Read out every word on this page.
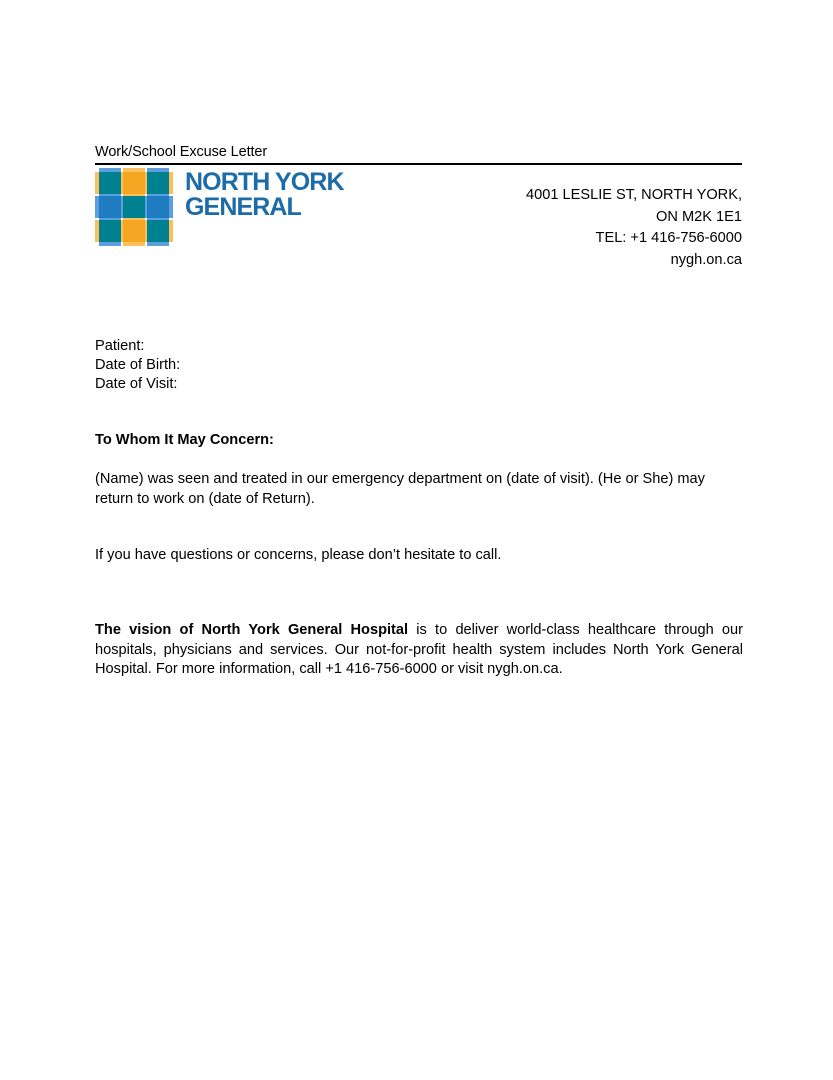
Work/School Excuse Letter
NORTH YORK
GENERAL	4001 LESLIE ST, NORTH YORK,
ON M2K 1E1
TEL: +1 416-756-6000
nygh.on.ca
Patient:
Date of Birth:
Date of Visit:
To Whom It May Concern:
(Name) was seen and treated in our emergency department on (date of visit). (He or She) may return to work on (date of Return).
If you have questions or concerns, please don’t hesitate to call.
The vision of North York General Hospital is to deliver world-class healthcare through our hospitals, physicians and services. Our not-for-profit health system includes North York General Hospital. For more information, call +1 416-756-6000 or visit nygh.on.ca.
